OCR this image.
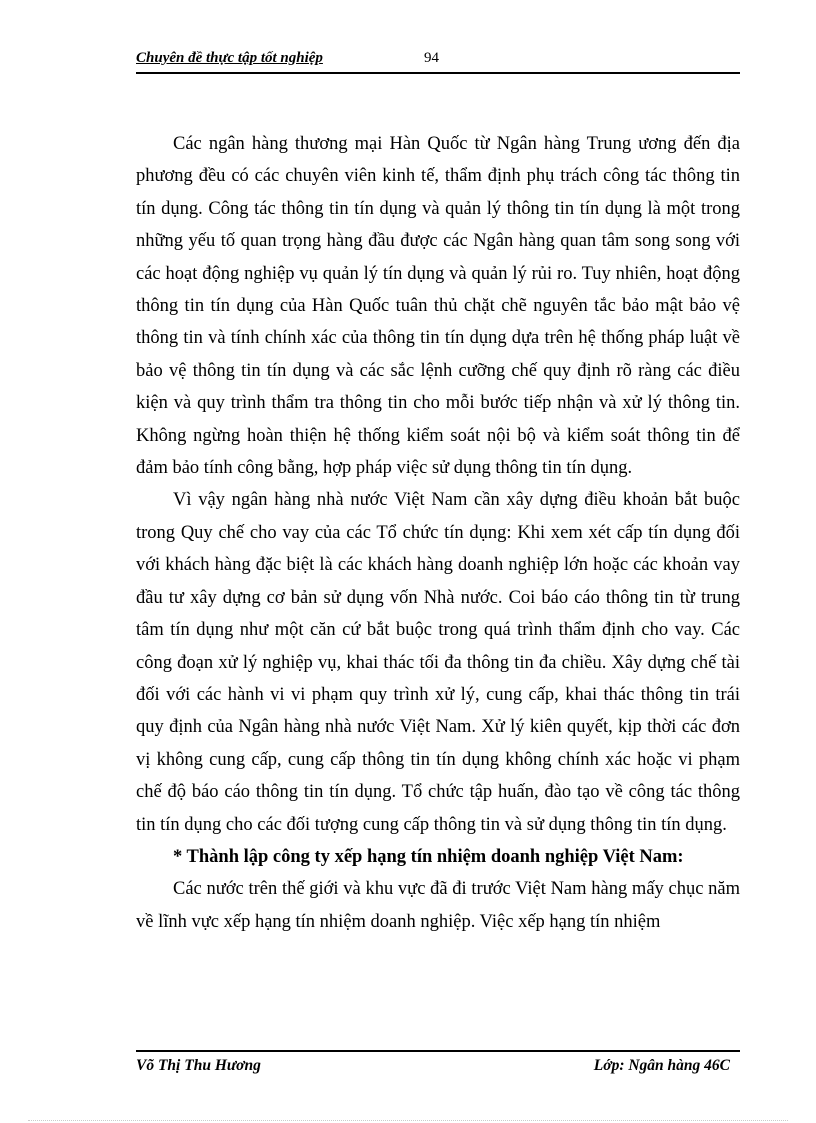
Chuyên đề thực tập tốt nghiệp	94

Các ngân hàng thương mại Hàn Quốc từ Ngân hàng Trung ương đến địa phương đều có các chuyên viên kinh tế, thẩm định phụ trách công tác thông tin tín dụng. Công tác thông tin tín dụng và quản lý thông tin tín dụng là một trong những yếu tố quan trọng hàng đầu được các Ngân hàng quan tâm song song với các hoạt động nghiệp vụ quản lý tín dụng và quản lý rủi ro. Tuy nhiên, hoạt động thông tin tín dụng của Hàn Quốc tuân thủ chặt chẽ nguyên tắc bảo mật bảo vệ thông tin và tính chính xác của thông tin tín dụng dựa trên hệ thống pháp luật về bảo vệ thông tin tín dụng và các sắc lệnh cưỡng chế quy định rõ ràng các điều kiện và quy trình thẩm tra thông tin cho mỗi bước tiếp nhận và xử lý thông tin. Không ngừng hoàn thiện hệ thống kiểm soát nội bộ và kiểm soát thông tin để đảm bảo tính công bằng, hợp pháp việc sử dụng thông tin tín dụng.

Vì vậy ngân hàng nhà nước Việt Nam cần xây dựng điều khoản bắt buộc trong Quy chế cho vay của các Tổ chức tín dụng: Khi xem xét cấp tín dụng đối với khách hàng đặc biệt là các khách hàng doanh nghiệp lớn hoặc các khoản vay đầu tư xây dựng cơ bản sử dụng vốn Nhà nước. Coi báo cáo thông tin từ trung tâm tín dụng như một căn cứ bắt buộc trong quá trình thẩm định cho vay. Các công đoạn xử lý nghiệp vụ, khai thác tối đa thông tin đa chiều. Xây dựng chế tài đối với các hành vi vi phạm quy trình xử lý, cung cấp, khai thác thông tin trái quy định của Ngân hàng nhà nước Việt Nam. Xử lý kiên quyết, kịp thời các đơn vị không cung cấp, cung cấp thông tin tín dụng không chính xác hoặc vi phạm chế độ báo cáo thông tin tín dụng. Tổ chức tập huấn, đào tạo về công tác thông tin tín dụng cho các đối tượng cung cấp thông tin và sử dụng thông tin tín dụng.

* Thành lập công ty xếp hạng tín nhiệm doanh nghiệp Việt Nam:

Các nước trên thế giới và khu vực đã đi trước Việt Nam hàng mấy chục năm về lĩnh vực xếp hạng tín nhiệm doanh nghiệp. Việc xếp hạng tín nhiệm

Võ Thị Thu Hương	Lớp: Ngân hàng 46C
